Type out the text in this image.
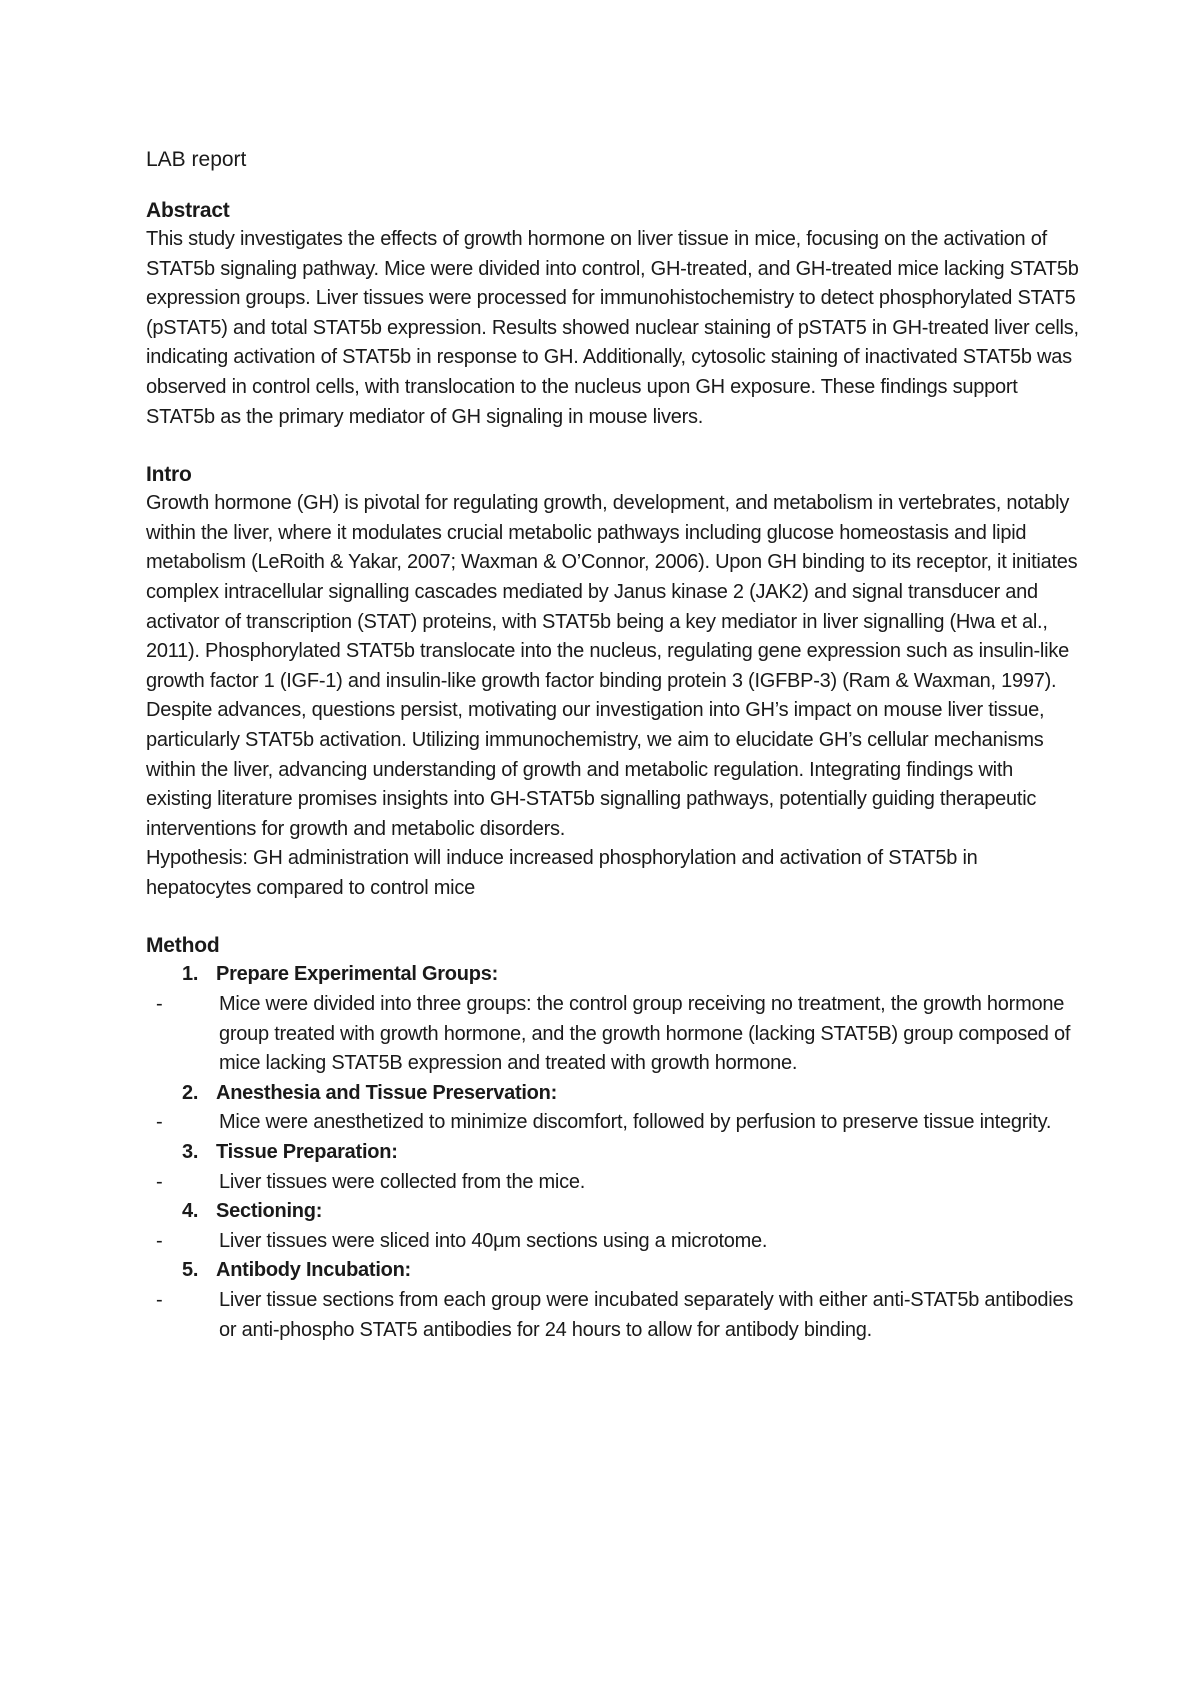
LAB report
Abstract

This study investigates the effects of growth hormone on liver tissue in mice, focusing on the activation of STAT5b signaling pathway. Mice were divided into control, GH-treated, and GH-treated mice lacking STAT5b expression groups. Liver tissues were processed for immunohistochemistry to detect phosphorylated STAT5 (pSTAT5) and total STAT5b expression. Results showed nuclear staining of pSTAT5 in GH-treated liver cells, indicating activation of STAT5b in response to GH. Additionally, cytosolic staining of inactivated STAT5b was observed in control cells, with translocation to the nucleus upon GH exposure. These findings support STAT5b as the primary mediator of GH signaling in mouse livers.

Intro

Growth hormone (GH) is pivotal for regulating growth, development, and metabolism in vertebrates, notably within the liver, where it modulates crucial metabolic pathways including glucose homeostasis and lipid metabolism (LeRoith & Yakar, 2007; Waxman & O’Connor, 2006). Upon GH binding to its receptor, it initiates complex intracellular signalling cascades mediated by Janus kinase 2 (JAK2) and signal transducer and activator of transcription (STAT) proteins, with STAT5b being a key mediator in liver signalling (Hwa et al., 2011). Phosphorylated STAT5b translocate into the nucleus, regulating gene expression such as insulin-like growth factor 1 (IGF-1) and insulin-like growth factor binding protein 3 (IGFBP-3) (Ram & Waxman, 1997). Despite advances, questions persist, motivating our investigation into GH’s impact on mouse liver tissue, particularly STAT5b activation. Utilizing immunochemistry, we aim to elucidate GH’s cellular mechanisms within the liver, advancing understanding of growth and metabolic regulation. Integrating findings with existing literature promises insights into GH-STAT5b signalling pathways, potentially guiding therapeutic interventions for growth and metabolic disorders.

Hypothesis: GH administration will induce increased phosphorylation and activation of STAT5b in hepatocytes compared to control mice

Method
1. Prepare Experimental Groups:
-	Mice were divided into three groups: the control group receiving no treatment, the growth hormone group treated with growth hormone, and the growth hormone (lacking STAT5B) group composed of mice lacking STAT5B expression and treated with growth hormone.
2. Anesthesia and Tissue Preservation:
-	Mice were anesthetized to minimize discomfort, followed by perfusion to preserve tissue integrity.
3. Tissue Preparation:
-	Liver tissues were collected from the mice.
4. Sectioning:
-	Liver tissues were sliced into 40μm sections using a microtome.
5. Antibody Incubation:
-	Liver tissue sections from each group were incubated separately with either anti-STAT5b antibodies or anti-phospho STAT5 antibodies for 24 hours to allow for antibody binding.
